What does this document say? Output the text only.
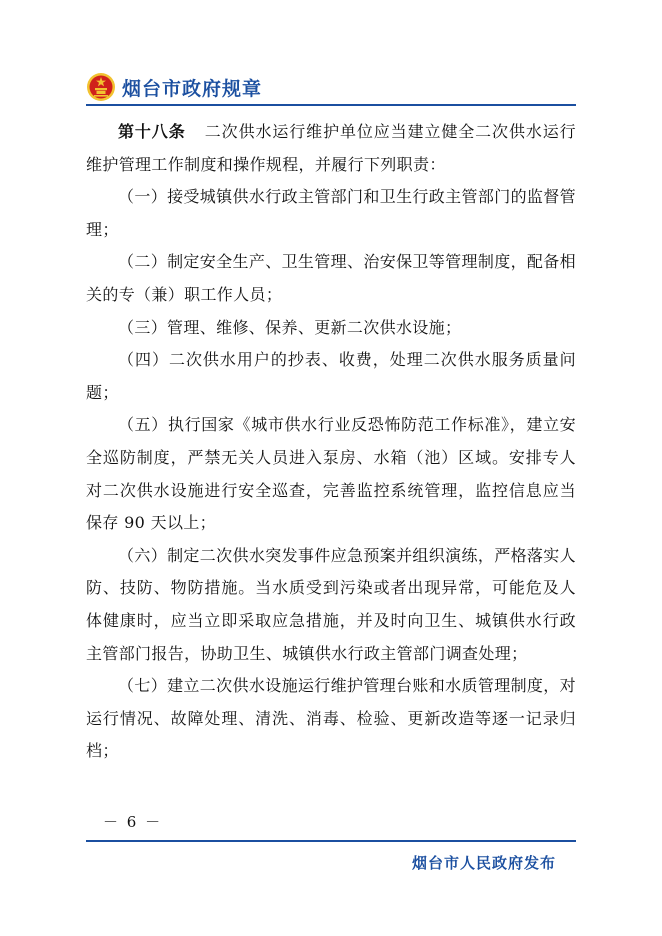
烟台市政府规章

第十八条 二次供水运行维护单位应当建立健全二次供水运行维护管理工作制度和操作规程，并履行下列职责：

（一）接受城镇供水行政主管部门和卫生行政主管部门的监督管理；

（二）制定安全生产、卫生管理、治安保卫等管理制度，配备相关的专（兼）职工作人员；

（三）管理、维修、保养、更新二次供水设施；

（四）二次供水用户的抄表、收费，处理二次供水服务质量问题；

（五）执行国家《城市供水行业反恐怖防范工作标准》，建立安全巡防制度，严禁无关人员进入泵房、水箱（池）区域。安排专人对二次供水设施进行安全巡查，完善监控系统管理，监控信息应当保存 90 天以上；

（六）制定二次供水突发事件应急预案并组织演练，严格落实人防、技防、物防措施。当水质受到污染或者出现异常，可能危及人体健康时，应当立即采取应急措施，并及时向卫生、城镇供水行政主管部门报告，协助卫生、城镇供水行政主管部门调查处理；

（七）建立二次供水设施运行维护管理台账和水质管理制度，对运行情况、故障处理、清洗、消毒、检验、更新改造等逐一记录归档；

－ 6 －
烟台市人民政府发布
